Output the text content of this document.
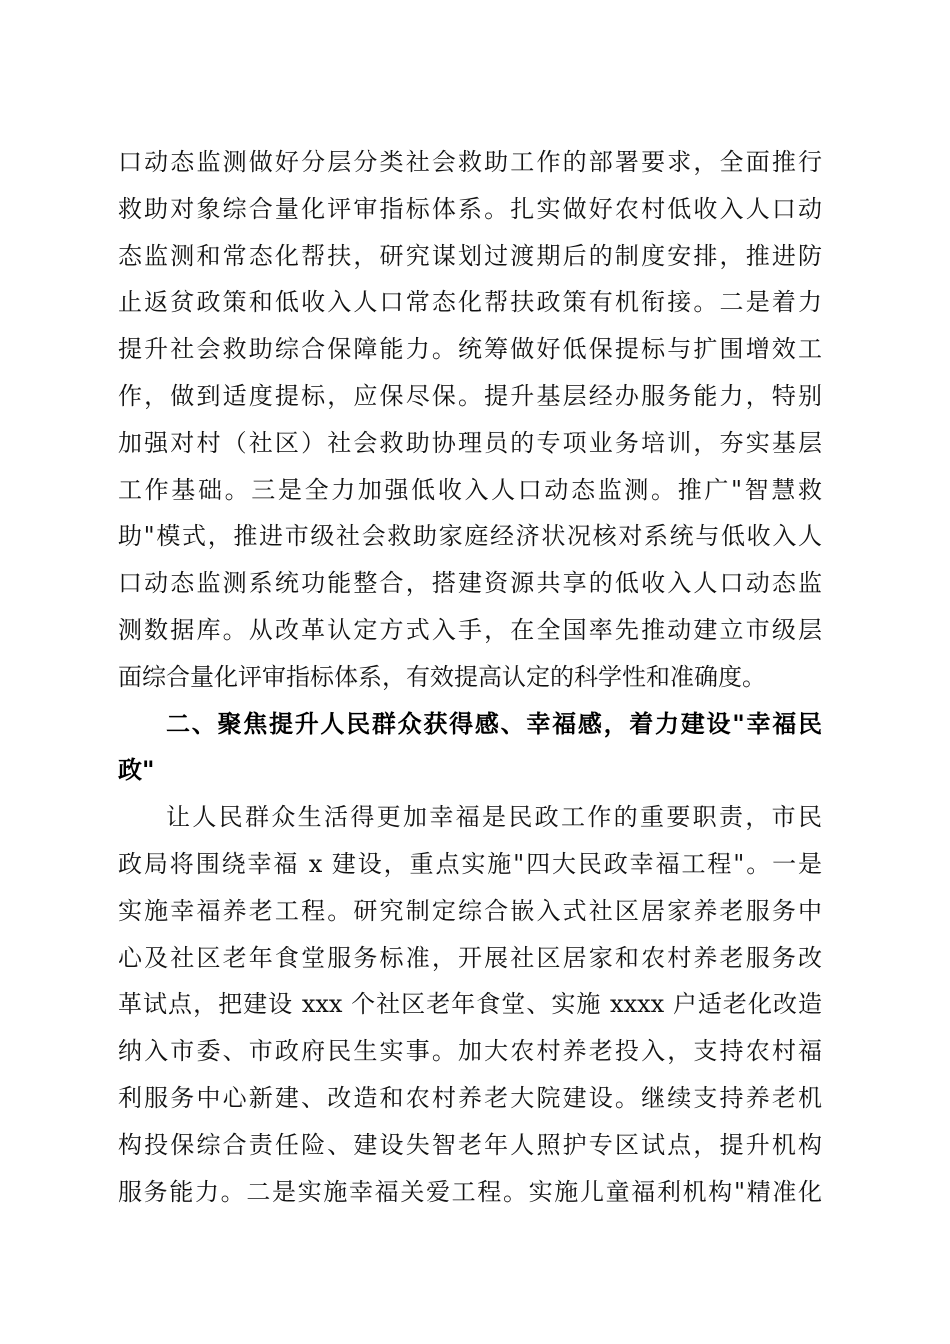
口动态监测做好分层分类社会救助工作的部署要求，全面推行
救助对象综合量化评审指标体系。扎实做好农村低收入人口动
态监测和常态化帮扶，研究谋划过渡期后的制度安排，推进防
止返贫政策和低收入人口常态化帮扶政策有机衔接。二是着力
提升社会救助综合保障能力。统筹做好低保提标与扩围增效工
作，做到适度提标，应保尽保。提升基层经办服务能力，特别
加强对村（社区）社会救助协理员的专项业务培训，夯实基层
工作基础。三是全力加强低收入人口动态监测。推广"智慧救
助"模式，推进市级社会救助家庭经济状况核对系统与低收入人
口动态监测系统功能整合，搭建资源共享的低收入人口动态监
测数据库。从改革认定方式入手，在全国率先推动建立市级层
面综合量化评审指标体系，有效提高认定的科学性和准确度。
二、聚焦提升人民群众获得感、幸福感，着力建设"幸福民
政"
让人民群众生活得更加幸福是民政工作的重要职责，市民
政局将围绕幸福 x 建设，重点实施"四大民政幸福工程"。一是
实施幸福养老工程。研究制定综合嵌入式社区居家养老服务中
心及社区老年食堂服务标准，开展社区居家和农村养老服务改
革试点，把建设 xxx 个社区老年食堂、实施 xxxx 户适老化改造
纳入市委、市政府民生实事。加大农村养老投入，支持农村福
利服务中心新建、改造和农村养老大院建设。继续支持养老机
构投保综合责任险、建设失智老年人照护专区试点，提升机构
服务能力。二是实施幸福关爱工程。实施儿童福利机构"精准化
